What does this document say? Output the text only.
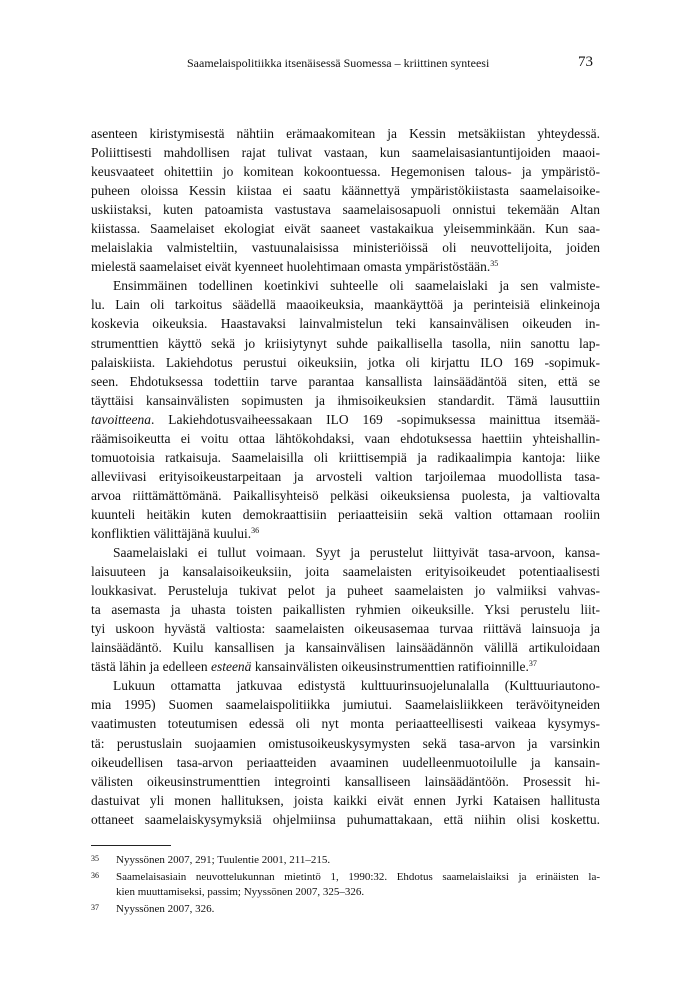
Saamelaispolitiikka itsenäisessä Suomessa – kriittinen synteesi	73
asenteen kiristymisestä nähtiin erämaakomitean ja Kessin metsäkiistan yhteydessä.
Poliittisesti mahdollisen rajat tulivat vastaan, kun saamelaisasiantuntijoiden maaoi-
keusvaateet ohitettiin jo komitean kokoontuessa. Hegemonisen talous- ja ympäristö-
puheen oloissa Kessin kiistaa ei saatu käännettyä ympäristökiistasta saamelaisoike-
uskiistaksi, kuten patoamista vastustava saamelaisosapuoli onnistui tekemään Altan
kiistassa. Saamelaiset ekologiat eivät saaneet vastakaikua yleisemminkään. Kun saa-
melaislakia valmisteltiin, vastuunalaisissa ministeriöissä oli neuvottelijoita, joiden
mielestä saamelaiset eivät kyenneet huolehtimaan omasta ympäristöstään.$^{35}$
Ensimmäinen todellinen koetinkivi suhteelle oli saamelaislaki ja sen valmiste-
lu. Lain oli tarkoitus säädellä maaoikeuksia, maankäyttöä ja perinteisiä elinkeinoja
koskevia oikeuksia. Haastavaksi lainvalmistelun teki kansainvälisen oikeuden in-
strumenttien käyttö sekä jo kriisiytynyt suhde paikallisella tasolla, niin sanottu lap-
palaiskiista. Lakiehdotus perustui oikeuksiin, jotka oli kirjattu ILO 169 -sopimuk-
seen. Ehdotuksessa todettiin tarve parantaa kansallista lainsäädäntöä siten, että se
täyttäisi kansainvälisten sopimusten ja ihmisoikeuksien standardit. Tämä lausuttiin
tavoitteena. Lakiehdotusvaiheessakaan ILO 169 -sopimuksessa mainittua itsemää-
räämisoikeutta ei voitu ottaa lähtökohdaksi, vaan ehdotuksessa haettiin yhteishallin-
tomuotoisia ratkaisuja. Saamelaisilla oli kriittisempiä ja radikaalimpia kantoja: liike
alleviivasi erityisoikeustarpeitaan ja arvosteli valtion tarjoilemaa muodollista tasa-
arvoa riittämättömänä. Paikallisyhteisö pelkäsi oikeuksiensa puolesta, ja valtiovalta
kuunteli heitäkin kuten demokraattisiin periaatteisiin sekä valtion ottamaan rooliin
konfliktien välittäjänä kuului.$^{36}$
Saamelaislaki ei tullut voimaan. Syyt ja perustelut liittyivät tasa-arvoon, kansa-
laisuuteen ja kansalaisoikeuksiin, joita saamelaisten erityisoikeudet potentiaalisesti
loukkasivat. Perusteluja tukivat pelot ja puheet saamelaisten jo valmiiksi vahvas-
ta asemasta ja uhasta toisten paikallisten ryhmien oikeuksille. Yksi perustelu liit-
tyi uskoon hyvästä valtiosta: saamelaisten oikeusasemaa turvaa riittävä lainsuoja ja
lainsäädäntö. Kuilu kansallisen ja kansainvälisen lainsäädännön välillä artikuloidaan
tästä lähin ja edelleen esteenä kansainvälisten oikeusinstrumenttien ratifioinnille.$^{37}$
Lukuun ottamatta jatkuvaa edistystä kulttuurinsuojelunalalla (Kulttuuriautono-
mia 1995) Suomen saamelaispolitiikka jumiutui. Saamelaisliikkeen terävöityneiden
vaatimusten toteutumisen edessä oli nyt monta periaatteellisesti vaikeaa kysymys-
tä: perustuslain suojaamien omistusoikeuskysymysten sekä tasa-arvon ja varsinkin
oikeudellisen tasa-arvon periaatteiden avaaminen uudelleenmuotoilulle ja kansain-
välisten oikeusinstrumenttien integrointi kansalliseen lainsäädäntöön. Prosessit hi-
dastuivat yli monen hallituksen, joista kaikki eivät ennen Jyrki Kataisen hallitusta
ottaneet saamelaiskysymyksiä ohjelmiinsa puhumattakaan, että niihin olisi koskettu.
35 Nyyssönen 2007, 291; Tuulentie 2001, 211–215.
36 Saamelaisasiain neuvottelukunnan mietintö 1, 1990:32. Ehdotus saamelaislaiksi ja erinäisten la-
kien muuttamiseksi, passim; Nyyssönen 2007, 325–326.
37 Nyyssönen 2007, 326.
